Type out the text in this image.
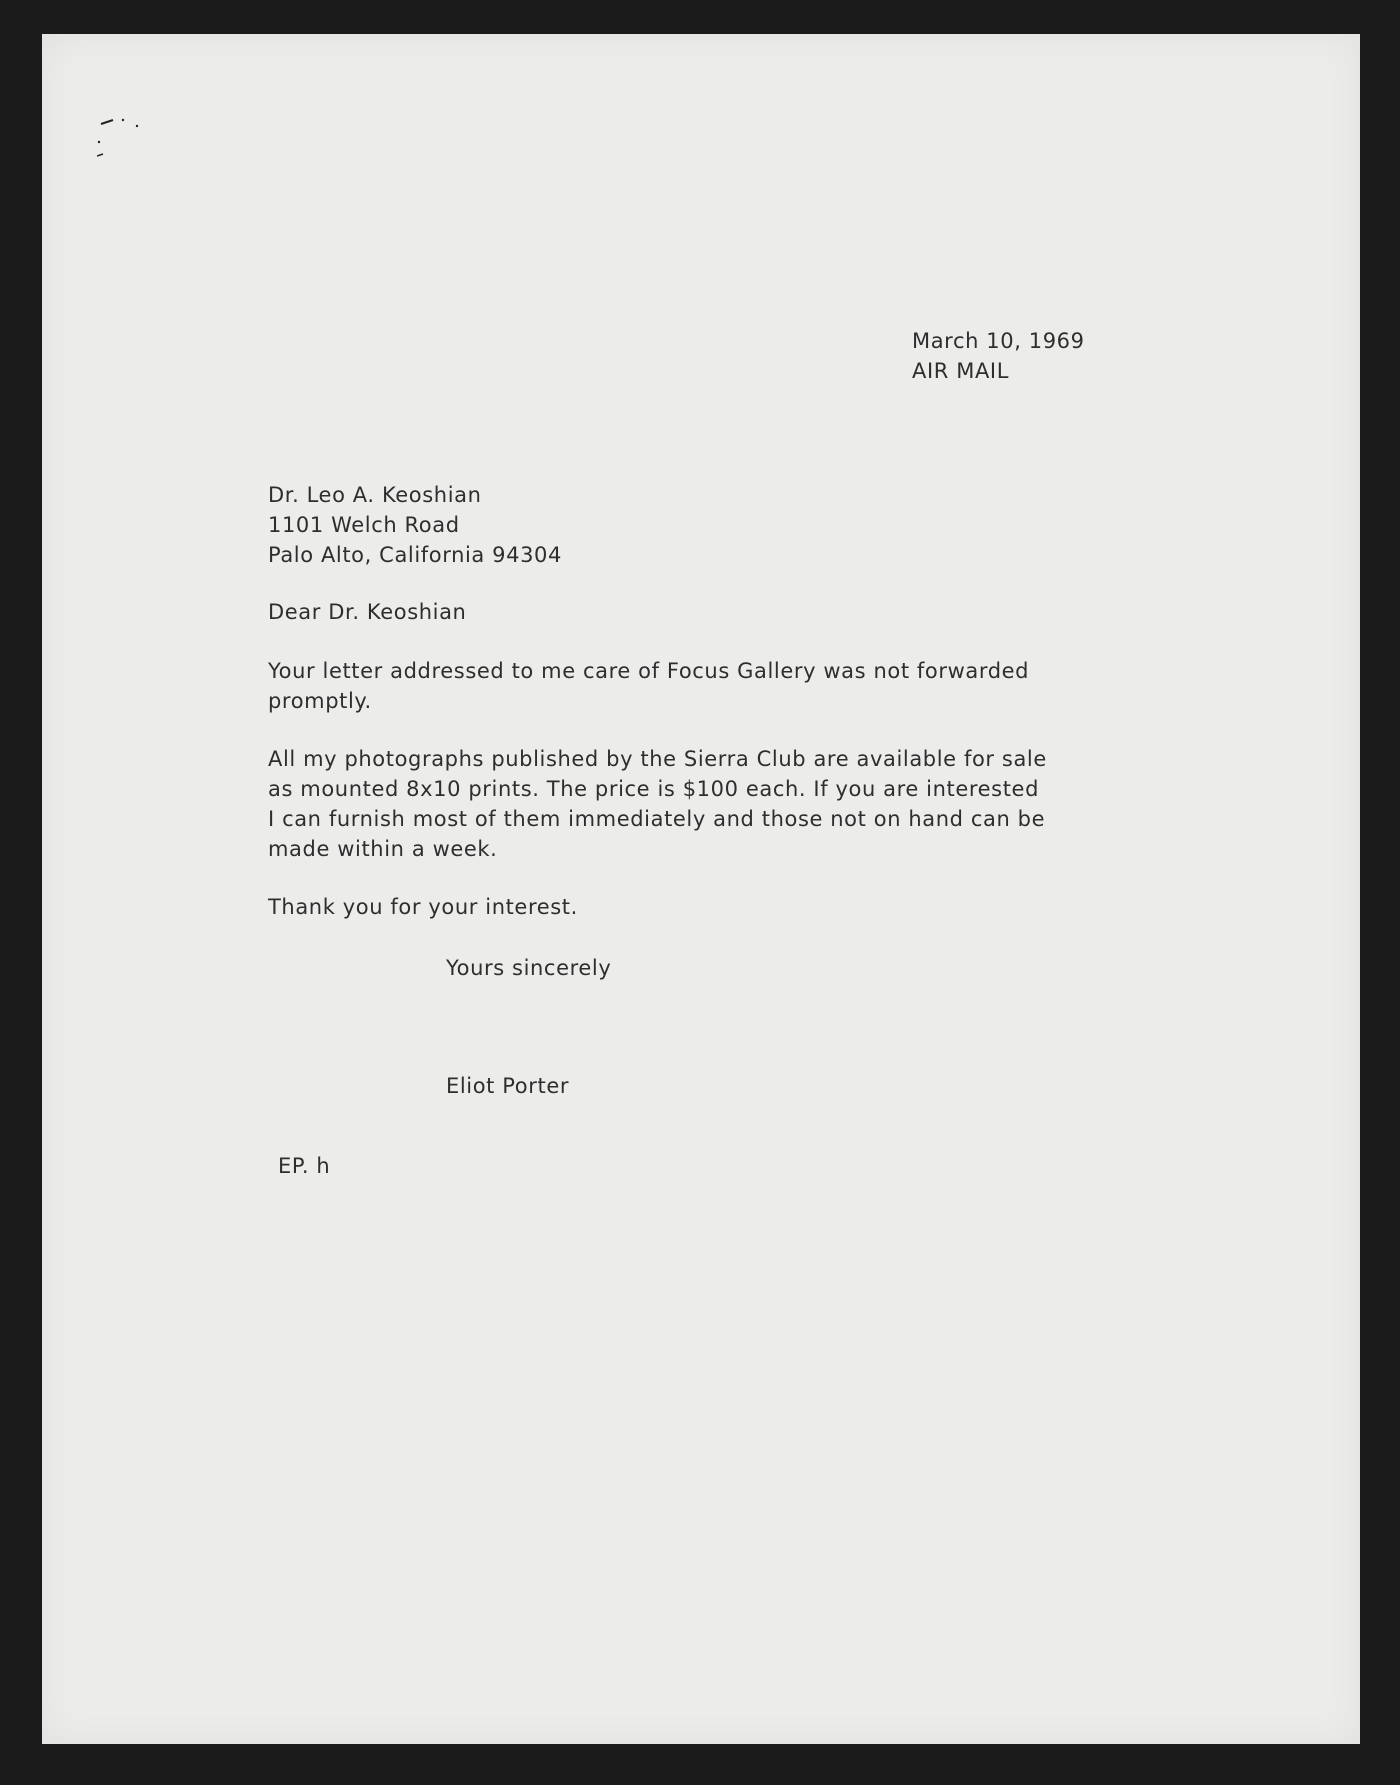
March 10, 1969
AIR MAIL
Dr. Leo A. Keoshian
1101 Welch Road
Palo Alto, California 94304
Dear Dr. Keoshian

Your letter addressed to me care of Focus Gallery was not forwarded
promptly.

All my photographs published by the Sierra Club are available for sale
as mounted 8x10 prints. The price is $100 each. If you are interested
I can furnish most of them immediately and those not on hand can be
made within a week.

Thank you for your interest.

Yours sincerely
Eliot Porter
EP. h
